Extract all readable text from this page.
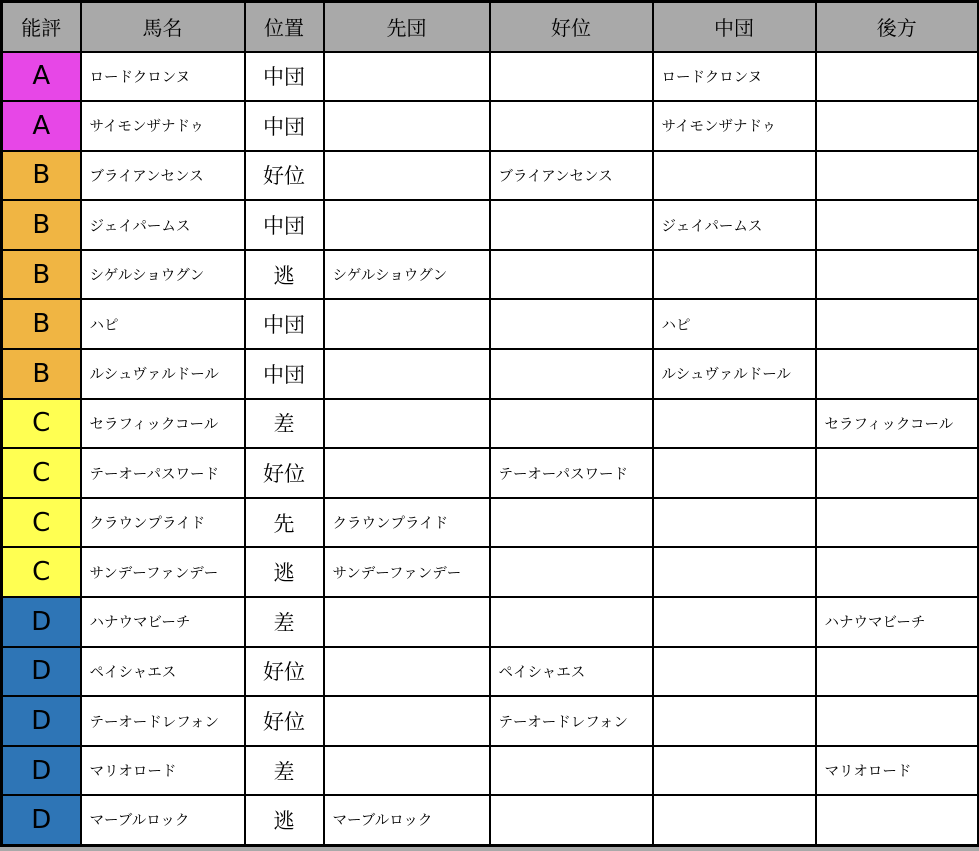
能評	馬名	位置	先団	好位	中団	後方
A	ロードクロンヌ	中団			ロードクロンヌ	
A	サイモンザナドゥ	中団			サイモンザナドゥ	
B	ブライアンセンス	好位		ブライアンセンス		
B	ジェイパームス	中団			ジェイパームス	
B	シゲルショウグン	逃	シゲルショウグン			
B	ハピ	中団			ハピ	
B	ルシュヴァルドール	中団			ルシュヴァルドール	
C	セラフィックコール	差				セラフィックコール
C	テーオーパスワード	好位		テーオーパスワード		
C	クラウンプライド	先	クラウンプライド			
C	サンデーファンデー	逃	サンデーファンデー			
D	ハナウマビーチ	差				ハナウマビーチ
D	ペイシャエス	好位		ペイシャエス		
D	テーオードレフォン	好位		テーオードレフォン		
D	マリオロード	差				マリオロード
D	マーブルロック	逃	マーブルロック			
